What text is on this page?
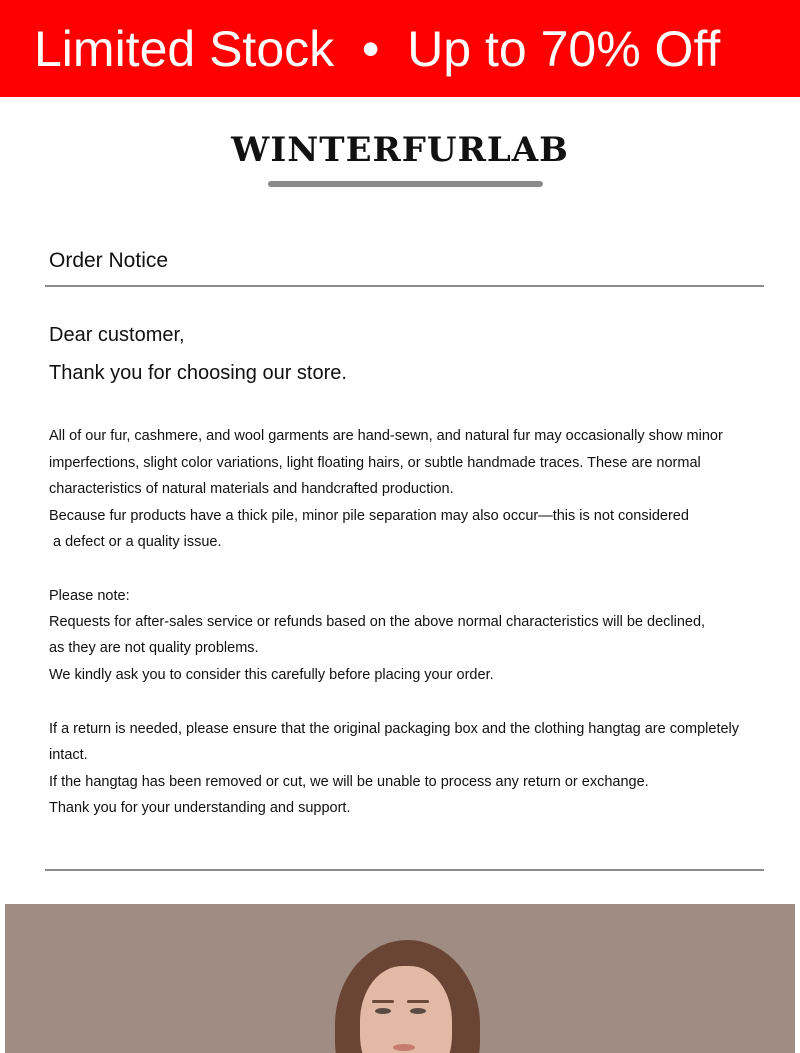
Limited Stock  •  Up to 70% Off
WINTERFURLAB
Order Notice
Dear customer,
Thank you for choosing our store.
All of our fur, cashmere, and wool garments are hand-sewn, and natural fur may occasionally show minor
imperfections, slight color variations, light floating hairs, or subtle handmade traces. These are normal
characteristics of natural materials and handcrafted production.
Because fur products have a thick pile, minor pile separation may also occur—this is not considered
a defect or a quality issue.
Please note:
Requests for after-sales service or refunds based on the above normal characteristics will be declined,
as they are not quality problems.
We kindly ask you to consider this carefully before placing your order.
If a return is needed, please ensure that the original packaging box and the clothing hangtag are completely
intact.
If the hangtag has been removed or cut, we will be unable to process any return or exchange.
Thank you for your understanding and support.
